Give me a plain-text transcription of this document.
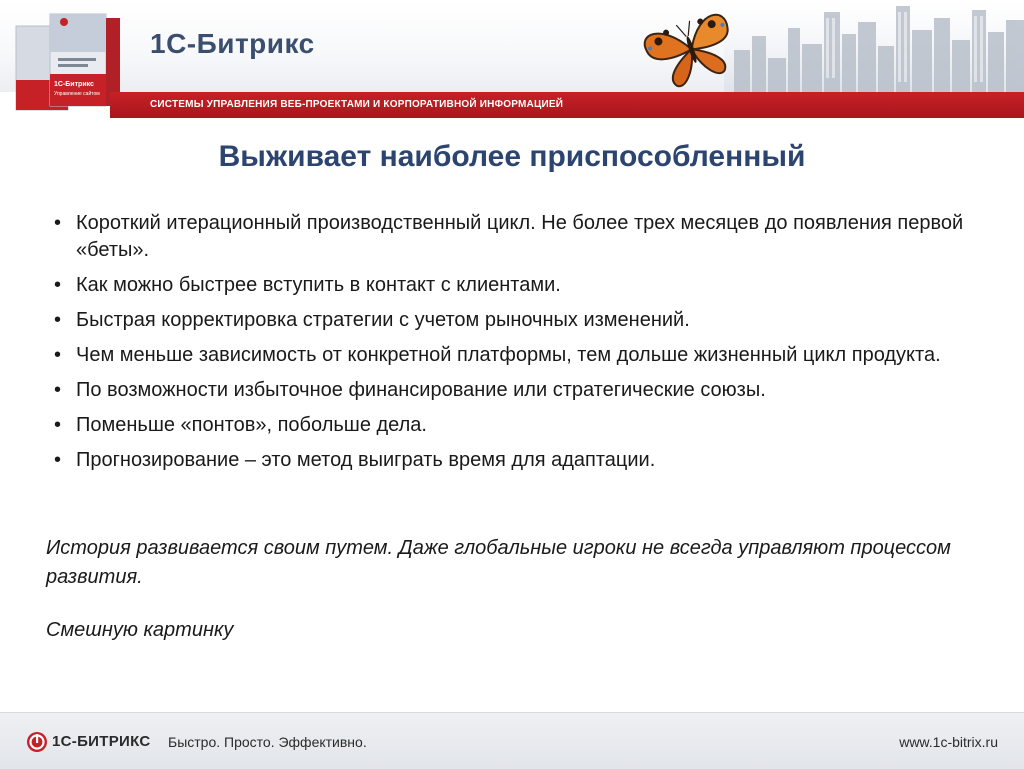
1С-Битрикс
Управление сайтом
1С-Битрикс
СИСТЕМЫ УПРАВЛЕНИЯ ВЕБ-ПРОЕКТАМИ И КОРПОРАТИВНОЙ ИНФОРМАЦИЕЙ
Выживает наиболее приспособленный
• Короткий итерационный производственный цикл. Не более трех месяцев до появления первой «беты».
• Как можно быстрее вступить в контакт с клиентами.
• Быстрая корректировка стратегии с учетом рыночных изменений.
• Чем меньше зависимость от конкретной платформы, тем дольше жизненный цикл продукта.
• По возможности избыточное финансирование или стратегические союзы.
• Поменьше «понтов», побольше дела.
• Прогнозирование – это метод выиграть время для адаптации.
История развивается своим путем. Даже глобальные игроки не всегда управляют процессом развития.
Смешную картинку
1С-БИТРИКС Быстро. Просто. Эффективно.	www.1c-bitrix.ru
